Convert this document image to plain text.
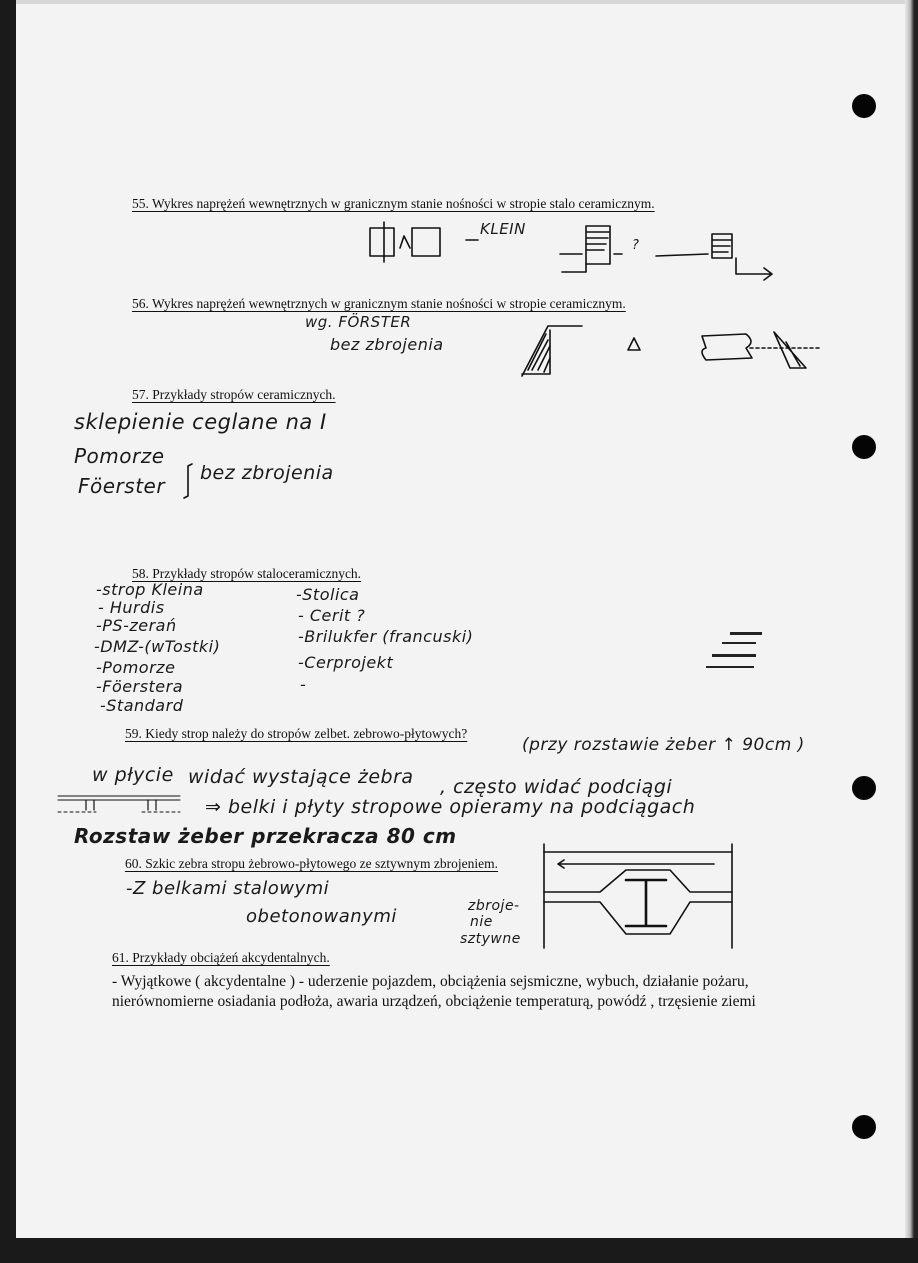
55. Wykres naprężeń wewnętrznych w granicznym stanie nośności w stropie stalo ceramicznym.
KLEIN
?
56. Wykres naprężeń wewnętrznych w granicznym stanie nośności w stropie ceramicznym.
wg. FÖRSTER
bez zbrojenia
57. Przykłady stropów ceramicznych.
sklepienie ceglane na I
Pomorze
Föerster
bez zbrojenia
58. Przykłady stropów staloceramicznych.
-strop Kleina
- Hurdis
-PS-zerań
-DMZ-(wTostki)
-Pomorze
-Föerstera
-Standard
-Stolica
- Cerit ?
-Brilukfer (francuski)
-Cerprojekt
-
59. Kiedy strop należy do stropów zelbet. zebrowo-płytowych?
(przy rozstawie żeber ↑ 90cm )
w płycie widać wystające żebra , często widać podciągi
⇒ belki i płyty stropowe opieramy na podciągach
Rozstaw żeber przekracza 80 cm
60. Szkic zebra stropu żebrowo-płytowego ze sztywnym zbrojeniem.
-Z belkami stalowymi
obetonowanymi	zbroje-
nie
sztywne
61. Przykłady obciążeń akcydentalnych.
- Wyjątkowe ( akcydentalne ) - uderzenie pojazdem, obciążenia sejsmiczne, wybuch, działanie pożaru, nierównomierne osiadania podłoża, awaria urządzeń, obciążenie temperaturą, powódź , trzęsienie ziemi
